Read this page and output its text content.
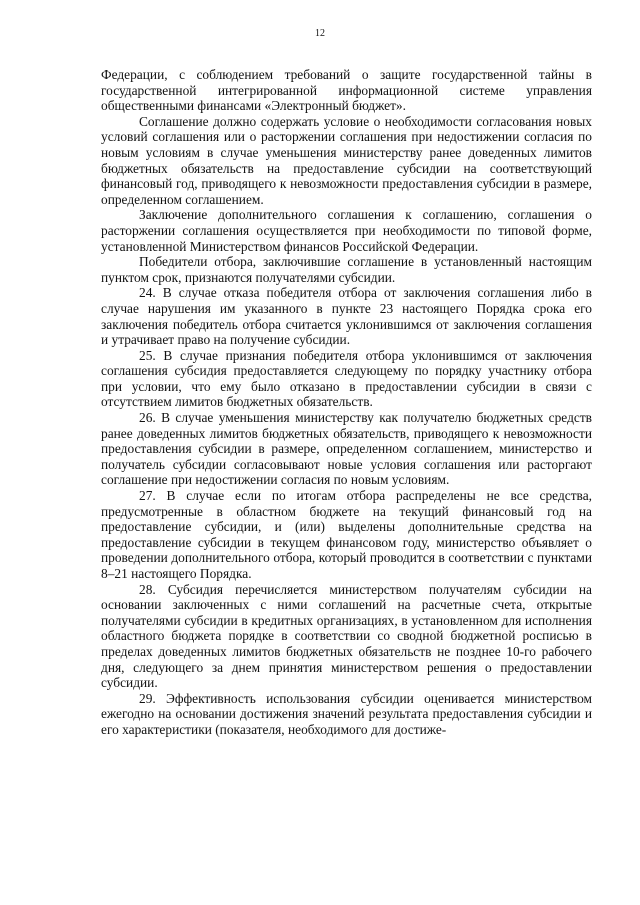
12

Федерации, с соблюдением требований о защите государственной тайны в государственной интегрированной информационной системе управления общественными финансами «Электронный бюджет».

Соглашение должно содержать условие о необходимости согласования новых условий соглашения или о расторжении соглашения при недостижении согласия по новым условиям в случае уменьшения министерству ранее доведенных лимитов бюджетных обязательств на предоставление субсидии на соответствующий финансовый год, приводящего к невозможности предоставления субсидии в размере, определенном соглашением.

Заключение дополнительного соглашения к соглашению, соглашения о расторжении соглашения осуществляется при необходимости по типовой форме, установленной Министерством финансов Российской Федерации.

Победители отбора, заключившие соглашение в установленный настоящим пунктом срок, признаются получателями субсидии.

24. В случае отказа победителя отбора от заключения соглашения либо в случае нарушения им указанного в пункте 23 настоящего Порядка срока его заключения победитель отбора считается уклонившимся от заключения соглашения и утрачивает право на получение субсидии.

25. В случае признания победителя отбора уклонившимся от заключения соглашения субсидия предоставляется следующему по порядку участнику отбора при условии, что ему было отказано в предоставлении субсидии в связи с отсутствием лимитов бюджетных обязательств.

26. В случае уменьшения министерству как получателю бюджетных средств ранее доведенных лимитов бюджетных обязательств, приводящего к невозможности предоставления субсидии в размере, определенном соглашением, министерство и получатель субсидии согласовывают новые условия соглашения или расторгают соглашение при недостижении согласия по новым условиям.

27. В случае если по итогам отбора распределены не все средства, предусмотренные в областном бюджете на текущий финансовый год на предоставление субсидии, и (или) выделены дополнительные средства на предоставление субсидии в текущем финансовом году, министерство объявляет о проведении дополнительного отбора, который проводится в соответствии с пунктами 8–21 настоящего Порядка.

28. Субсидия перечисляется министерством получателям субсидии на основании заключенных с ними соглашений на расчетные счета, открытые получателями субсидии в кредитных организациях, в установленном для исполнения областного бюджета порядке в соответствии со сводной бюджетной росписью в пределах доведенных лимитов бюджетных обязательств не позднее 10-го рабочего дня, следующего за днем принятия министерством решения о предоставлении субсидии.

29. Эффективность использования субсидии оценивается министерством ежегодно на основании достижения значений результата предоставления субсидии и его характеристики (показателя, необходимого для достиже-
